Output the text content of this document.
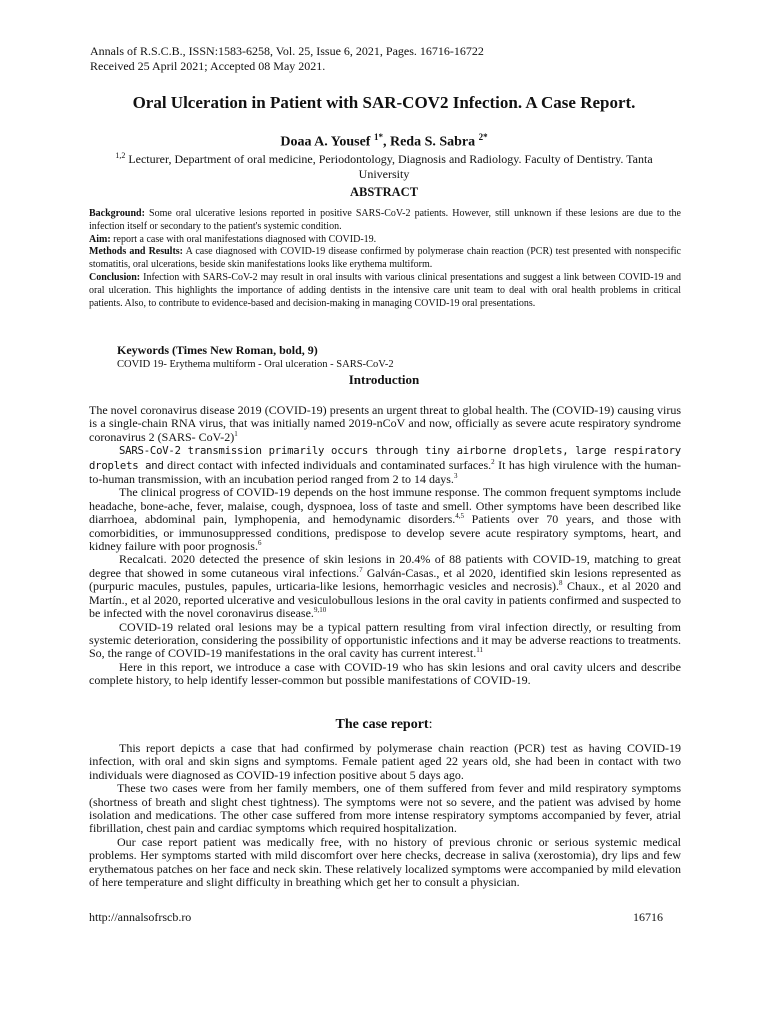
Annals of R.S.C.B., ISSN:1583-6258, Vol. 25, Issue 6, 2021, Pages. 16716-16722
Received 25 April 2021; Accepted 08 May 2021.
Oral Ulceration in Patient with SAR-COV2 Infection. A Case Report.
Doaa A. Yousef $^{1*}$, Reda S. Sabra $^{2*}$
$^{1,2}$ Lecturer, Department of oral medicine, Periodontology, Diagnosis and Radiology. Faculty of Dentistry. Tanta University
ABSTRACT

Background: Some oral ulcerative lesions reported in positive SARS-CoV-2 patients. However, still unknown if these lesions are due to the infection itself or secondary to the patient's systemic condition.

Aim: report a case with oral manifestations diagnosed with COVID-19.

Methods and Results: A case diagnosed with COVID-19 disease confirmed by polymerase chain reaction (PCR) test presented with nonspecific stomatitis, oral ulcerations, beside skin manifestations looks like erythema multiform.

Conclusion: Infection with SARS-CoV-2 may result in oral insults with various clinical presentations and suggest a link between COVID-19 and oral ulceration. This highlights the importance of adding dentists in the intensive care unit team to deal with oral health problems in critical patients. Also, to contribute to evidence-based and decision-making in managing COVID-19 oral presentations.

Keywords (Times New Roman, bold, 9)
COVID 19- Erythema multiform - Oral ulceration - SARS-CoV-2
Introduction

The novel coronavirus disease 2019 (COVID-19) presents an urgent threat to global health. The (COVID-19) causing virus is a single-chain RNA virus, that was initially named 2019-nCoV and now, officially as severe acute respiratory syndrome coronavirus 2 (SARS- CoV-2)$^1$

SARS-CoV-2 transmission primarily occurs through tiny airborne droplets, large respiratory droplets and direct contact with infected individuals and contaminated surfaces.$^2$ It has high virulence with the human-to-human transmission, with an incubation period ranged from 2 to 14 days.$^3$

The clinical progress of COVID-19 depends on the host immune response. The common frequent symptoms include headache, bone-ache, fever, malaise, cough, dyspnoea, loss of taste and smell. Other symptoms have been described like diarrhoea, abdominal pain, lymphopenia, and hemodynamic disorders.$^{4,5}$ Patients over 70 years, and those with comorbidities, or immunosuppressed conditions, predispose to develop severe acute respiratory symptoms, heart, and kidney failure with poor prognosis.$^6$

Recalcati. 2020 detected the presence of skin lesions in 20.4% of 88 patients with COVID-19, matching to great degree that showed in some cutaneous viral infections.$^7$ Galván-Casas., et al 2020, identified skin lesions represented as (purpuric macules, pustules, papules, urticaria-like lesions, hemorrhagic vesicles and necrosis).$^8$ Chaux., et al 2020 and Martín., et al 2020, reported ulcerative and vesiculobullous lesions in the oral cavity in patients confirmed and suspected to be infected with the novel coronavirus disease.$^{9,10}$

COVID-19 related oral lesions may be a typical pattern resulting from viral infection directly, or resulting from systemic deterioration, considering the possibility of opportunistic infections and it may be adverse reactions to treatments. So, the range of COVID-19 manifestations in the oral cavity has current interest.$^{11}$

Here in this report, we introduce a case with COVID-19 who has skin lesions and oral cavity ulcers and describe complete history, to help identify lesser-common but possible manifestations of COVID-19.

The case report:

This report depicts a case that had confirmed by polymerase chain reaction (PCR) test as having COVID-19 infection, with oral and skin signs and symptoms. Female patient aged 22 years old, she had been in contact with two individuals were diagnosed as COVID-19 infection positive about 5 days ago.

These two cases were from her family members, one of them suffered from fever and mild respiratory symptoms (shortness of breath and slight chest tightness). The symptoms were not so severe, and the patient was advised by home isolation and medications. The other case suffered from more intense respiratory symptoms accompanied by fever, atrial fibrillation, chest pain and cardiac symptoms which required hospitalization.

Our case report patient was medically free, with no history of previous chronic or serious systemic medical problems. Her symptoms started with mild discomfort over here checks, decrease in saliva (xerostomia), dry lips and few erythematous patches on her face and neck skin. These relatively localized symptoms were accompanied by mild elevation of here temperature and slight difficulty in breathing which get her to consult a physician.

http://annalsofrscb.ro	16716
